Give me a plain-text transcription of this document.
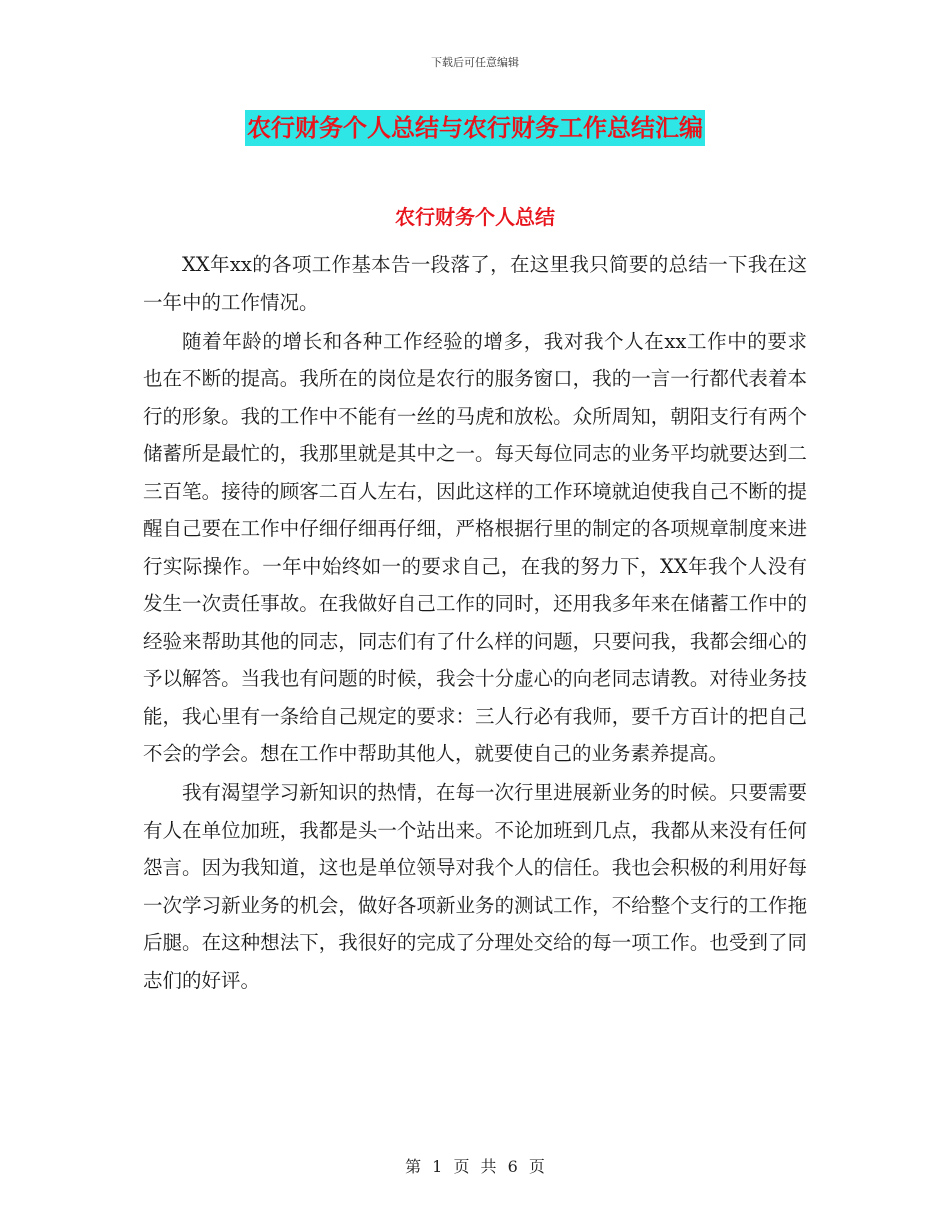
下载后可任意编辑
农行财务个人总结与农行财务工作总结汇编
农行财务个人总结

XX年xx的各项工作基本告一段落了，在这里我只简要的总结一下我在这一年中的工作情况。

随着年龄的增长和各种工作经验的增多，我对我个人在xx工作中的要求也在不断的提高。我所在的岗位是农行的服务窗口，我的一言一行都代表着本行的形象。我的工作中不能有一丝的马虎和放松。众所周知，朝阳支行有两个储蓄所是最忙的，我那里就是其中之一。每天每位同志的业务平均就要达到二三百笔。接待的顾客二百人左右，因此这样的工作环境就迫使我自己不断的提醒自己要在工作中仔细仔细再仔细，严格根据行里的制定的各项规章制度来进行实际操作。一年中始终如一的要求自己，在我的努力下，XX年我个人没有发生一次责任事故。在我做好自己工作的同时，还用我多年来在储蓄工作中的经验来帮助其他的同志，同志们有了什么样的问题，只要问我，我都会细心的予以解答。当我也有问题的时候，我会十分虚心的向老同志请教。对待业务技能，我心里有一条给自己规定的要求：三人行必有我师，要千方百计的把自己不会的学会。想在工作中帮助其他人，就要使自己的业务素养提高。

我有渴望学习新知识的热情，在每一次行里进展新业务的时候。只要需要有人在单位加班，我都是头一个站出来。不论加班到几点，我都从来没有任何怨言。因为我知道，这也是单位领导对我个人的信任。我也会积极的利用好每一次学习新业务的机会，做好各项新业务的测试工作，不给整个支行的工作拖后腿。在这种想法下，我很好的完成了分理处交给的每一项工作。也受到了同志们的好评。

第 1 页 共 6 页
